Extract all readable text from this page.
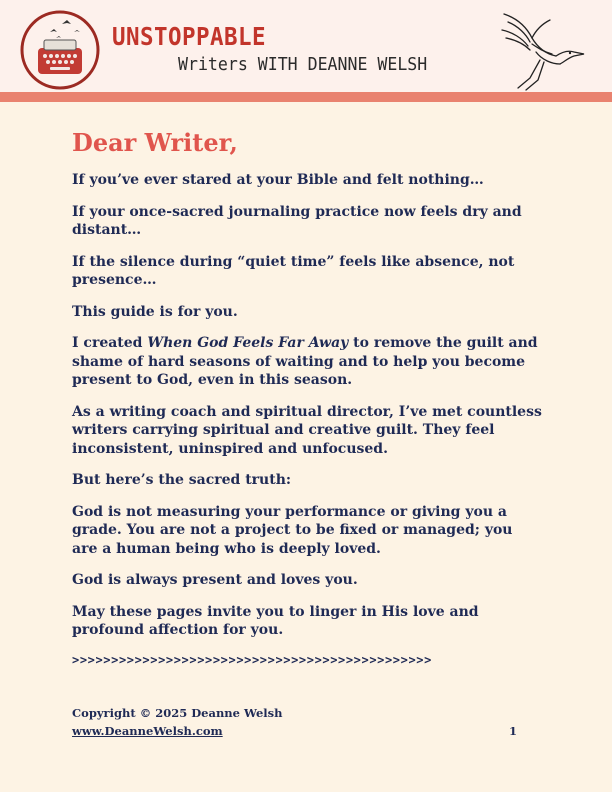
UNSTOPPABLE
Writers WITH DEANNE WELSH
Dear Writer,

If you’ve ever stared at your Bible and felt nothing…

If your once-sacred journaling practice now feels dry and distant…

If the silence during “quiet time” feels like absence, not presence…

This guide is for you.

I created When God Feels Far Away to remove the guilt and shame of hard seasons of waiting and to help you become present to God, even in this season.

As a writing coach and spiritual director, I’ve met countless writers carrying spiritual and creative guilt. They feel inconsistent, uninspired and unfocused.

But here’s the sacred truth:

God is not measuring your performance or giving you a grade. You are not a project to be fixed or managed; you are a human being who is deeply loved.

God is always present and loves you.

May these pages invite you to linger in His love and profound affection for you.

>>>>>>>>>>>>>>>>>>>>>>>>>>>>>>>>>>>>>>>>>>>>>>
Copyright © 2025 Deanne Welsh
www.DeanneWelsh.com	1
